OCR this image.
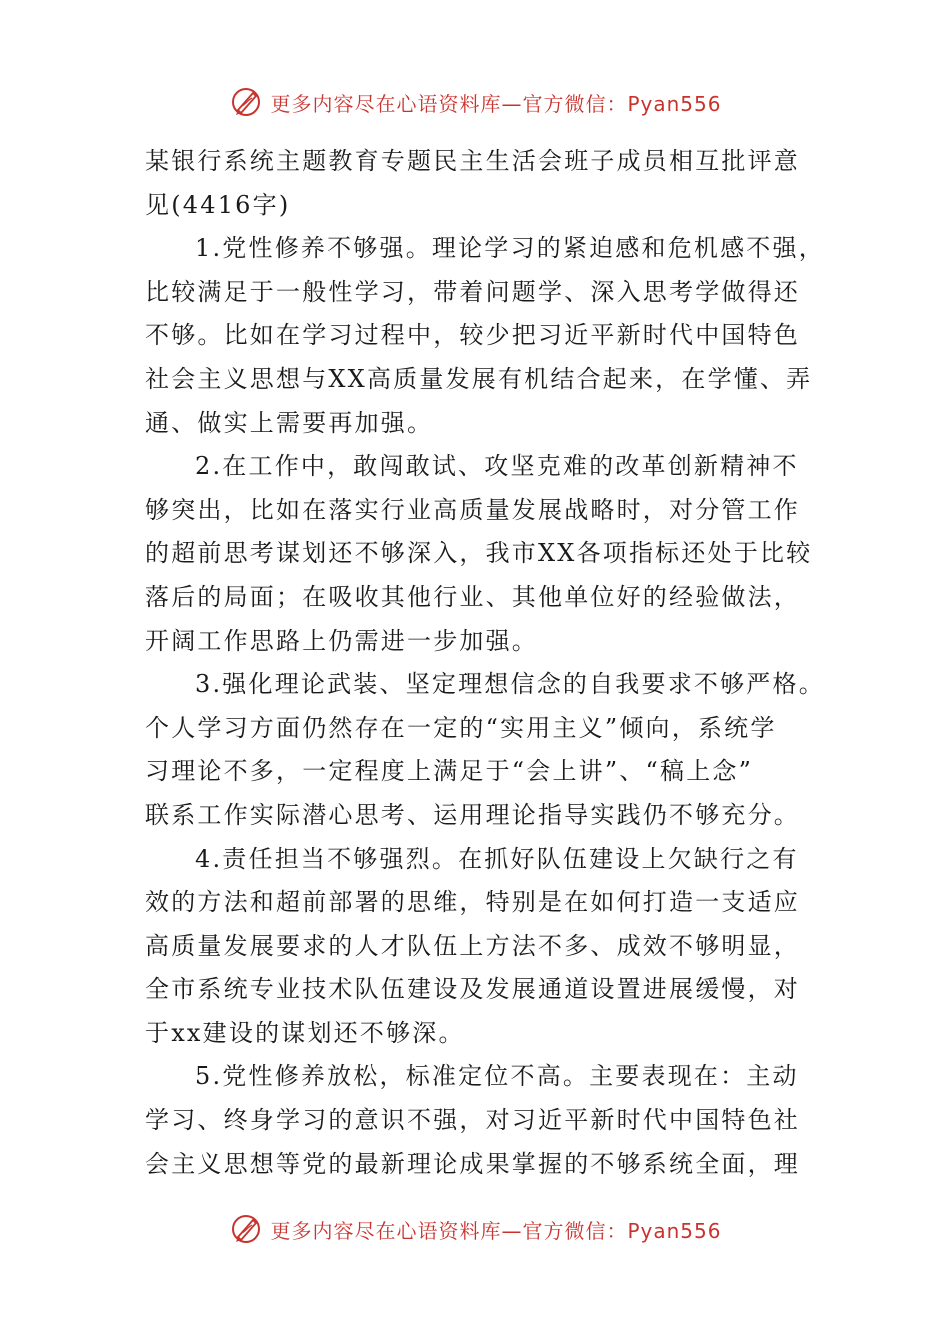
更多内容尽在心语资料库—官方微信：Pyan556
某银行系统主题教育专题民主生活会班子成员相互批评意
见(4416字)
1.党性修养不够强。理论学习的紧迫感和危机感不强，
比较满足于一般性学习，带着问题学、深入思考学做得还
不够。比如在学习过程中，较少把习近平新时代中国特色
社会主义思想与XX高质量发展有机结合起来，在学懂、弄
通、做实上需要再加强。
2.在工作中，敢闯敢试、攻坚克难的改革创新精神不
够突出，比如在落实行业高质量发展战略时，对分管工作
的超前思考谋划还不够深入，我市XX各项指标还处于比较
落后的局面；在吸收其他行业、其他单位好的经验做法，
开阔工作思路上仍需进一步加强。
3.强化理论武装、坚定理想信念的自我要求不够严格。
个人学习方面仍然存在一定的“实用主义”倾向，系统学
习理论不多，一定程度上满足于“会上讲”、“稿上念”
联系工作实际潜心思考、运用理论指导实践仍不够充分。
4.责任担当不够强烈。在抓好队伍建设上欠缺行之有
效的方法和超前部署的思维，特别是在如何打造一支适应
高质量发展要求的人才队伍上方法不多、成效不够明显，
全市系统专业技术队伍建设及发展通道设置进展缓慢，对
于xx建设的谋划还不够深。
5.党性修养放松，标准定位不高。主要表现在：主动
学习、终身学习的意识不强，对习近平新时代中国特色社
会主义思想等党的最新理论成果掌握的不够系统全面，理
更多内容尽在心语资料库—官方微信：Pyan556
